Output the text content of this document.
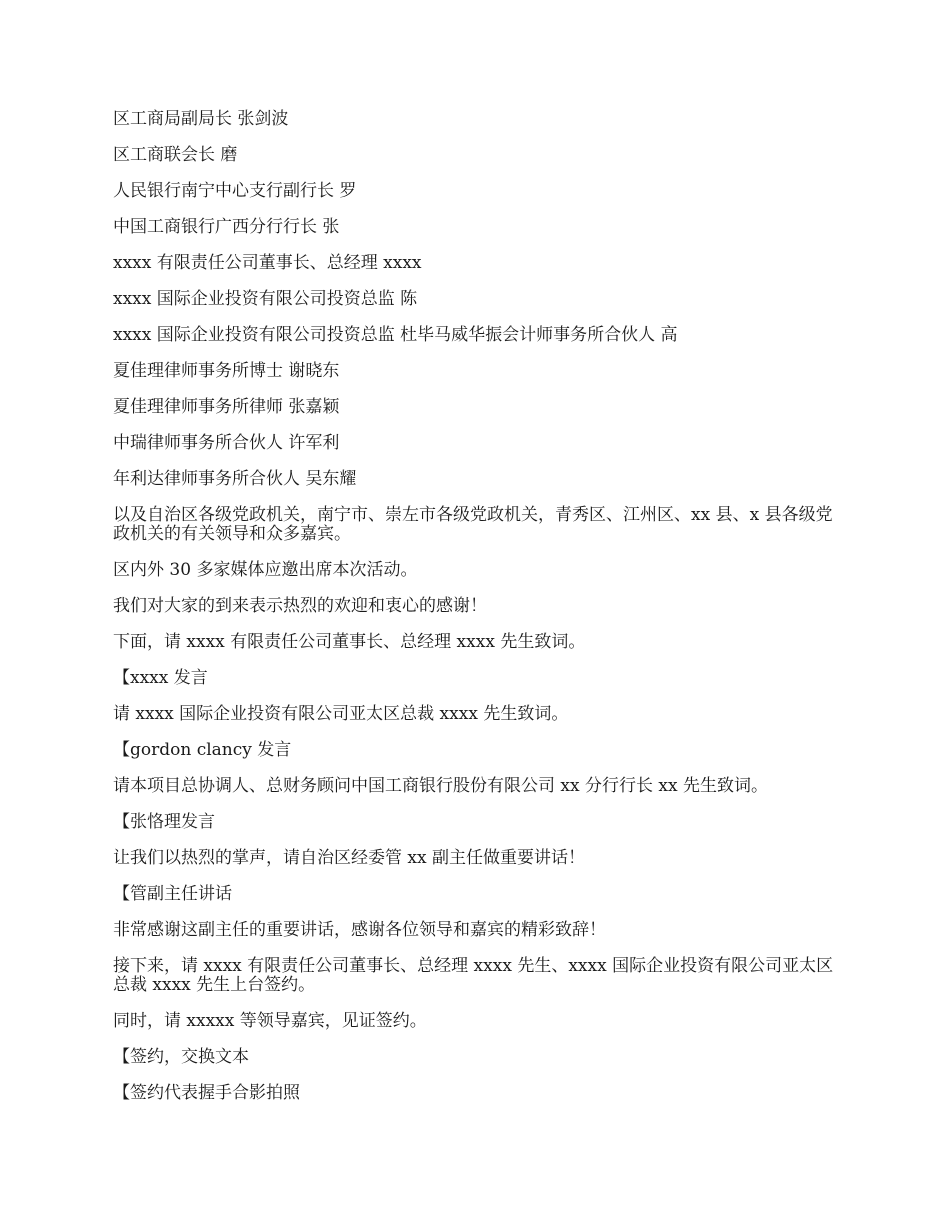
区工商局副局长 张剑波

区工商联会长 磨

人民银行南宁中心支行副行长 罗

中国工商银行广西分行行长 张

xxxx 有限责任公司董事长、总经理 xxxx

xxxx 国际企业投资有限公司投资总监 陈

xxxx 国际企业投资有限公司投资总监 杜毕马威华振会计师事务所合伙人 高

夏佳理律师事务所博士 谢晓东

夏佳理律师事务所律师 张嘉颖

中瑞律师事务所合伙人 许军利

年利达律师事务所合伙人 吴东耀

以及自治区各级党政机关，南宁市、崇左市各级党政机关，青秀区、江州区、xx 县、x 县各级党政机关的有关领导和众多嘉宾。

区内外 30 多家媒体应邀出席本次活动。

我们对大家的到来表示热烈的欢迎和衷心的感谢！

下面，请 xxxx 有限责任公司董事长、总经理 xxxx 先生致词。

【xxxx 发言

请 xxxx 国际企业投资有限公司亚太区总裁 xxxx 先生致词。

【gordon clancy 发言

请本项目总协调人、总财务顾问中国工商银行股份有限公司 xx 分行行长 xx 先生致词。

【张恪理发言

让我们以热烈的掌声，请自治区经委管 xx 副主任做重要讲话！

【管副主任讲话

非常感谢这副主任的重要讲话，感谢各位领导和嘉宾的精彩致辞！

接下来，请 xxxx 有限责任公司董事长、总经理 xxxx 先生、xxxx 国际企业投资有限公司亚太区总裁 xxxx 先生上台签约。

同时，请 xxxxx 等领导嘉宾，见证签约。

【签约，交换文本

【签约代表握手合影拍照
